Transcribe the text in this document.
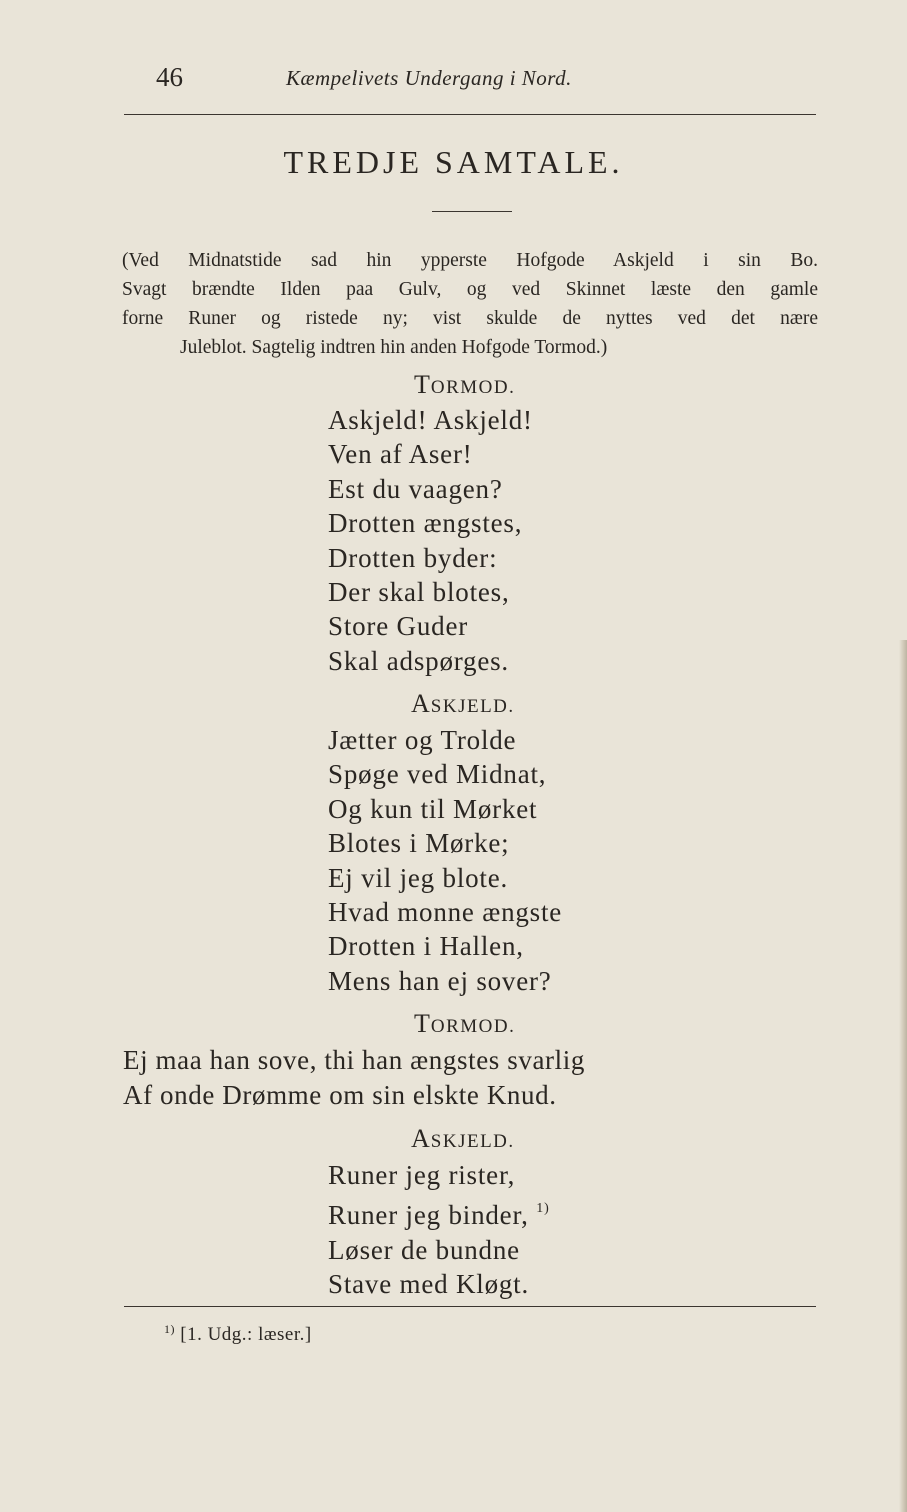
46	Kæmpelivets Undergang i Nord.
TREDJE SAMTALE.
(Ved Midnatstide sad hin ypperste Hofgode Askjeld i sin Bo.
Svagt brændte Ilden paa Gulv, og ved Skinnet læste den gamle
forne Runer og ristede ny; vist skulde de nyttes ved det nære
Juleblot. Sagtelig indtren hin anden Hofgode Tormod.)
TORMOD.
Askjeld! Askjeld!
Ven af Aser!
Est du vaagen?
Drotten ængstes,
Drotten byder:
Der skal blotes,
Store Guder
Skal adspørges.
ASKJELD.
Jætter og Trolde
Spøge ved Midnat,
Og kun til Mørket
Blotes i Mørke;
Ej vil jeg blote.
Hvad monne ængste
Drotten i Hallen,
Mens han ej sover?
TORMOD.
Ej maa han sove, thi han ængstes svarlig
Af onde Drømme om sin elskte Knud.
ASKJELD.
Runer jeg rister,
Runer jeg binder, $^{1)}$
Løser de bundne
Stave med Kløgt.
$^{1)}$ [1. Udg.: læser.]
